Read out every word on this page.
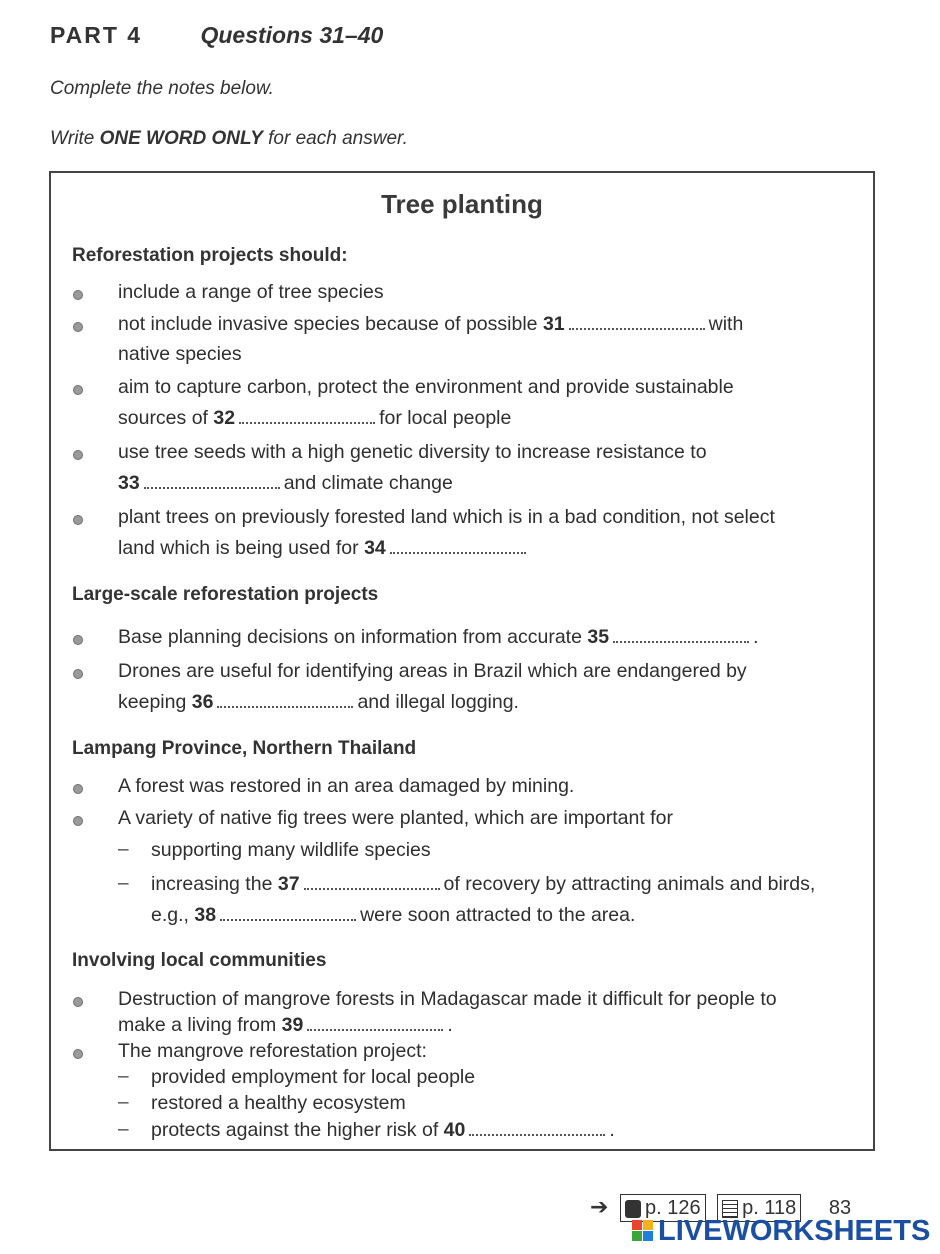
PART 4	Questions 31–40
Complete the notes below.
Write ONE WORD ONLY for each answer.
Tree planting
Reforestation projects should:
include a range of tree species
not include invasive species because of possible 31	with
native species
aim to capture carbon, protect the environment and provide sustainable
sources of 32	for local people
use tree seeds with a high genetic diversity to increase resistance to
33	and climate change
plant trees on previously forested land which is in a bad condition, not select
land which is being used for 34
Large-scale reforestation projects
Base planning decisions on information from accurate 35	.
Drones are useful for identifying areas in Brazil which are endangered by
keeping 36	and illegal logging.
Lampang Province, Northern Thailand
A forest was restored in an area damaged by mining.
A variety of native fig trees were planted, which are important for
– supporting many wildlife species
– increasing the 37	of recovery by attracting animals and birds,
e.g., 38	were soon attracted to the area.
Involving local communities
Destruction of mangrove forests in Madagascar made it difficult for people to
make a living from 39	.
The mangrove reforestation project:
– provided employment for local people
– restored a healthy ecosystem
– protects against the higher risk of 40	.
➔ p. 126 p. 118 83
LIVEWORKSHEETS
